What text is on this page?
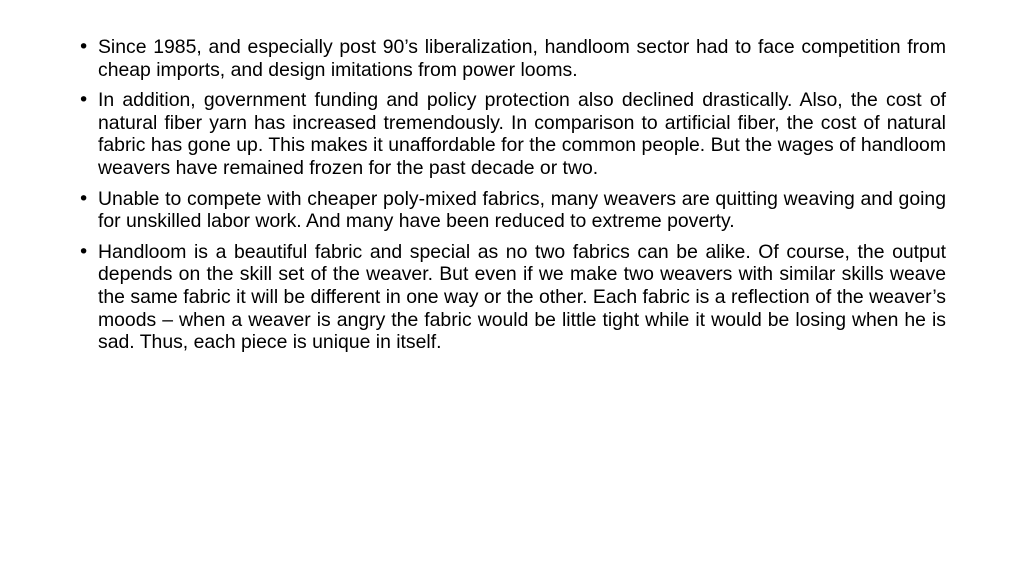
• Since 1985, and especially post 90’s liberalization, handloom sector had to face competition from cheap imports, and design imitations from power looms.
• In addition, government funding and policy protection also declined drastically. Also, the cost of natural fiber yarn has increased tremendously. In comparison to artificial fiber, the cost of natural fabric has gone up. This makes it unaffordable for the common people. But the wages of handloom weavers have remained frozen for the past decade or two.
• Unable to compete with cheaper poly-mixed fabrics, many weavers are quitting weaving and going for unskilled labor work. And many have been reduced to extreme poverty.
• Handloom is a beautiful fabric and special as no two fabrics can be alike. Of course, the output depends on the skill set of the weaver. But even if we make two weavers with similar skills weave the same fabric it will be different in one way or the other. Each fabric is a reflection of the weaver’s moods – when a weaver is angry the fabric would be little tight while it would be losing when he is sad. Thus, each piece is unique in itself.
